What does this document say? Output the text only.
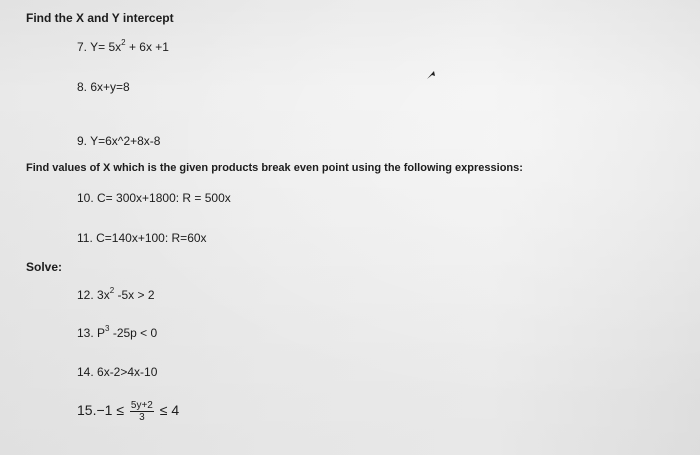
Find the X and Y intercept
7. $Y= 5x^2 + 6x +1$
8. 6x+y=8
9. Y=6x^2+8x-8
Find values of X which is the given products break even point using the following expressions:
10. C= 300x+1800: R = 500x
11. C=140x+100: R=60x
Solve:
12. $3x^2$ -5x > 2
13. $P^3$ -25p < 0
14. 6x-2>4x-10
$15.-1 \le \frac{5y+2}{3} \le 4$
